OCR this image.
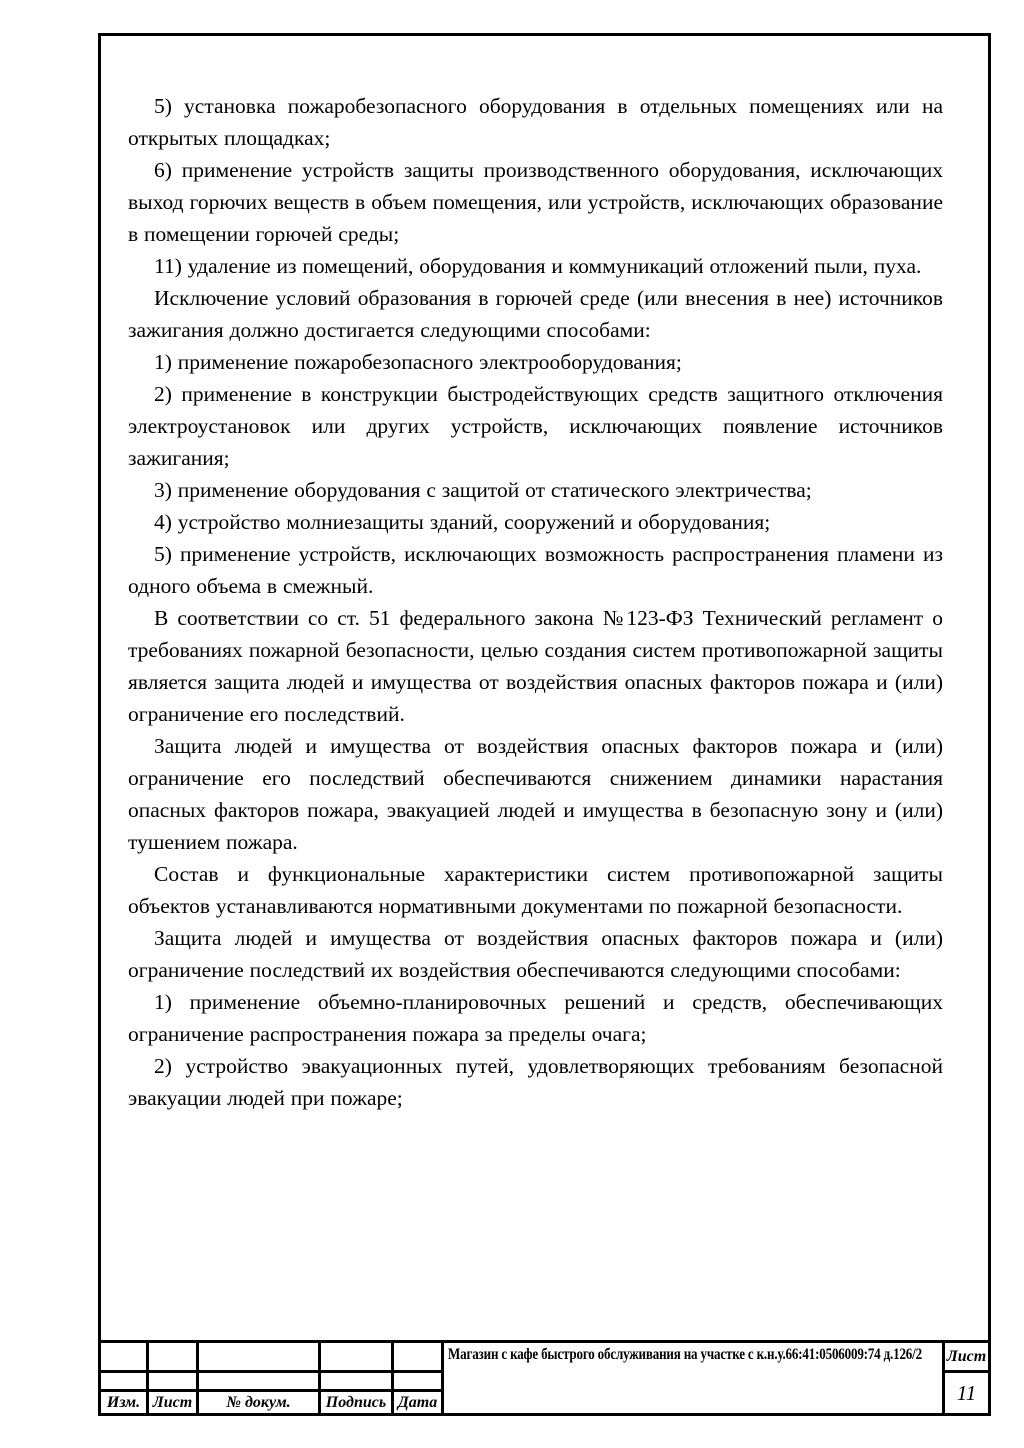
5) установка пожаробезопасного оборудования в отдельных помещениях или на открытых площадках;

6) применение устройств защиты производственного оборудования, исключающих выход горючих веществ в объем помещения, или устройств, исключающих образование в помещении горючей среды;

11) удаление из помещений, оборудования и коммуникаций отложений пыли, пуха.

Исключение условий образования в горючей среде (или внесения в нее) источников зажигания должно достигается следующими способами:

1) применение пожаробезопасного электрооборудования;

2) применение в конструкции быстродействующих средств защитного отключения электроустановок или других устройств, исключающих появление источников зажигания;

3) применение оборудования с защитой от статического электричества;

4) устройство молниезащиты зданий, сооружений и оборудования;

5) применение устройств, исключающих возможность распространения пламени из одного объема в смежный.

В соответствии со ст. 51 федерального закона №123-ФЗ Технический регламент о требованиях пожарной безопасности, целью создания систем противопожарной защиты является защита людей и имущества от воздействия опасных факторов пожара и (или) ограничение его последствий.

Защита людей и имущества от воздействия опасных факторов пожара и (или) ограничение его последствий обеспечиваются снижением динамики нарастания опасных факторов пожара, эвакуацией людей и имущества в безопасную зону и (или) тушением пожара.

Состав и функциональные характеристики систем противопожарной защиты объектов устанавливаются нормативными документами по пожарной безопасности.

Защита людей и имущества от воздействия опасных факторов пожара и (или) ограничение последствий их воздействия обеспечиваются следующими способами:

1) применение объемно-планировочных решений и средств, обеспечивающих ограничение распространения пожара за пределы очага;

2) устройство эвакуационных путей, удовлетворяющих требованиям безопасной эвакуации людей при пожаре;

Изм. Лист	№ докум.	Подпись Дата
Магазин с кафе быстрого обслуживания на участке с к.н.у.66:41:0506009:74 д.126/2	Лист
11
